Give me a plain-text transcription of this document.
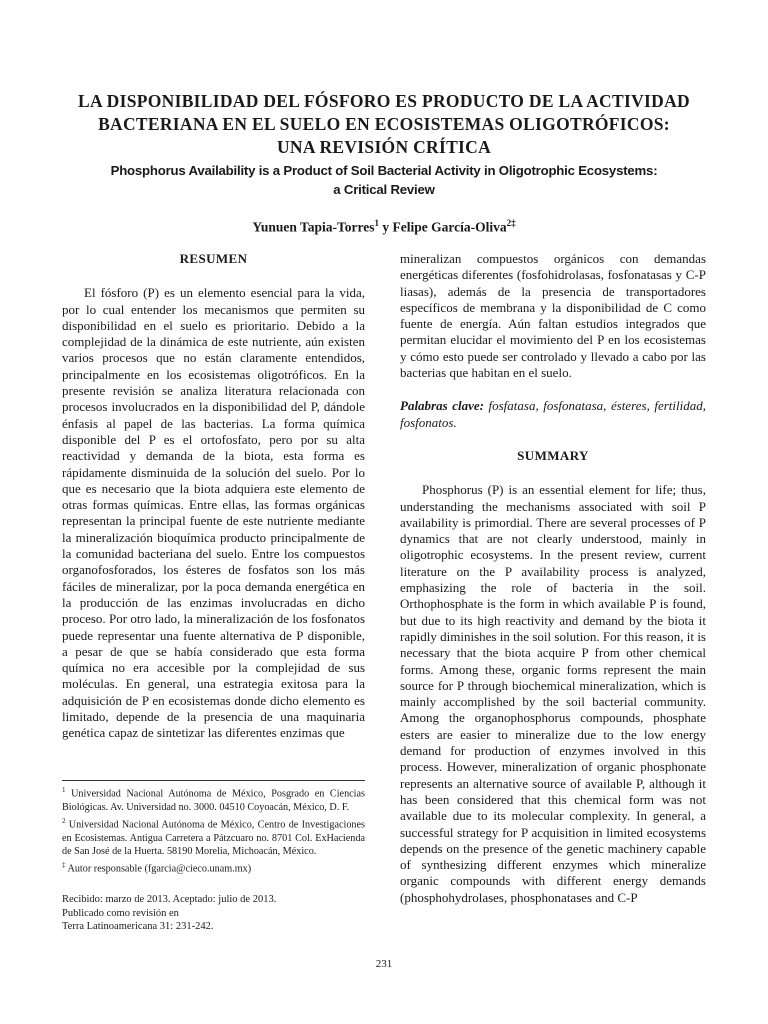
LA DISPONIBILIDAD DEL FÓSFORO ES PRODUCTO DE LA ACTIVIDAD
BACTERIANA EN EL SUELO EN ECOSISTEMAS OLIGOTRÓFICOS:
UNA REVISIÓN CRÍTICA
Phosphorus Availability is a Product of Soil Bacterial Activity in Oligotrophic Ecosystems:
a Critical Review
Yunuen Tapia-Torres$^1$ y Felipe García-Oliva$^{2\ddagger}$
RESUMEN

El fósforo (P) es un elemento esencial para la vida, por lo cual entender los mecanismos que permiten su disponibilidad en el suelo es prioritario. Debido a la complejidad de la dinámica de este nutriente, aún existen varios procesos que no están claramente entendidos, principalmente en los ecosistemas oligotróficos. En la presente revisión se analiza literatura relacionada con procesos involucrados en la disponibilidad del P, dándole énfasis al papel de las bacterias. La forma química disponible del P es el ortofosfato, pero por su alta reactividad y demanda de la biota, esta forma es rápidamente disminuida de la solución del suelo. Por lo que es necesario que la biota adquiera este elemento de otras formas químicas. Entre ellas, las formas orgánicas representan la principal fuente de este nutriente mediante la mineralización bioquímica producto principalmente de la comunidad bacteriana del suelo. Entre los compuestos organofosforados, los ésteres de fosfatos son los más fáciles de mineralizar, por la poca demanda energética en la producción de las enzimas involucradas en dicho proceso. Por otro lado, la mineralización de los fosfonatos puede representar una fuente alternativa de P disponible, a pesar de que se había considerado que esta forma química no era accesible por la complejidad de sus moléculas. En general, una estrategia exitosa para la adquisición de P en ecosistemas donde dicho elemento es limitado, depende de la presencia de una maquinaria genética capaz de sintetizar las diferentes enzimas que

mineralizan compuestos orgánicos con demandas energéticas diferentes (fosfohidrolasas, fosfonatasas y C-P liasas), además de la presencia de transportadores específicos de membrana y la disponibilidad de C como fuente de energía. Aún faltan estudios integrados que permitan elucidar el movimiento del P en los ecosistemas y cómo esto puede ser controlado y llevado a cabo por las bacterias que habitan en el suelo.

Palabras clave: fosfatasa, fosfonatasa, ésteres, fertilidad, fosfonatos.

SUMMARY

Phosphorus (P) is an essential element for life; thus, understanding the mechanisms associated with soil P availability is primordial. There are several processes of P dynamics that are not clearly understood, mainly in oligotrophic ecosystems. In the present review, current literature on the P availability process is analyzed, emphasizing the role of bacteria in the soil. Orthophosphate is the form in which available P is found, but due to its high reactivity and demand by the biota it rapidly diminishes in the soil solution. For this reason, it is necessary that the biota acquire P from other chemical forms. Among these, organic forms represent the main source for P through biochemical mineralization, which is mainly accomplished by the soil bacterial community. Among the organophosphorus compounds, phosphate esters are easier to mineralize due to the low energy demand for production of enzymes involved in this process. However, mineralization of organic phosphonate represents an alternative source of available P, although it has been considered that this chemical form was not available due to its molecular complexity. In general, a successful strategy for P acquisition in limited ecosystems depends on the presence of the genetic machinery capable of synthesizing different enzymes which mineralize organic compounds with different energy demands (phosphohydrolases, phosphonatases and C-P

$^1$ Universidad Nacional Autónoma de México, Posgrado en Ciencias Biológicas. Av. Universidad no. 3000. 04510 Coyoacán, México, D. F.

$^2$ Universidad Nacional Autónoma de México, Centro de Investigaciones en Ecosistemas. Antigua Carretera a Pátzcuaro no. 8701 Col. ExHacienda de San José de la Huerta. 58190 Morelia, Michoacán, México.

‡ Autor responsable (fgarcia@cieco.unam.mx)

Recibido: marzo de 2013. Aceptado: julio de 2013.

Publicado como revisión en

Terra Latinoamericana 31: 231-242.

231
